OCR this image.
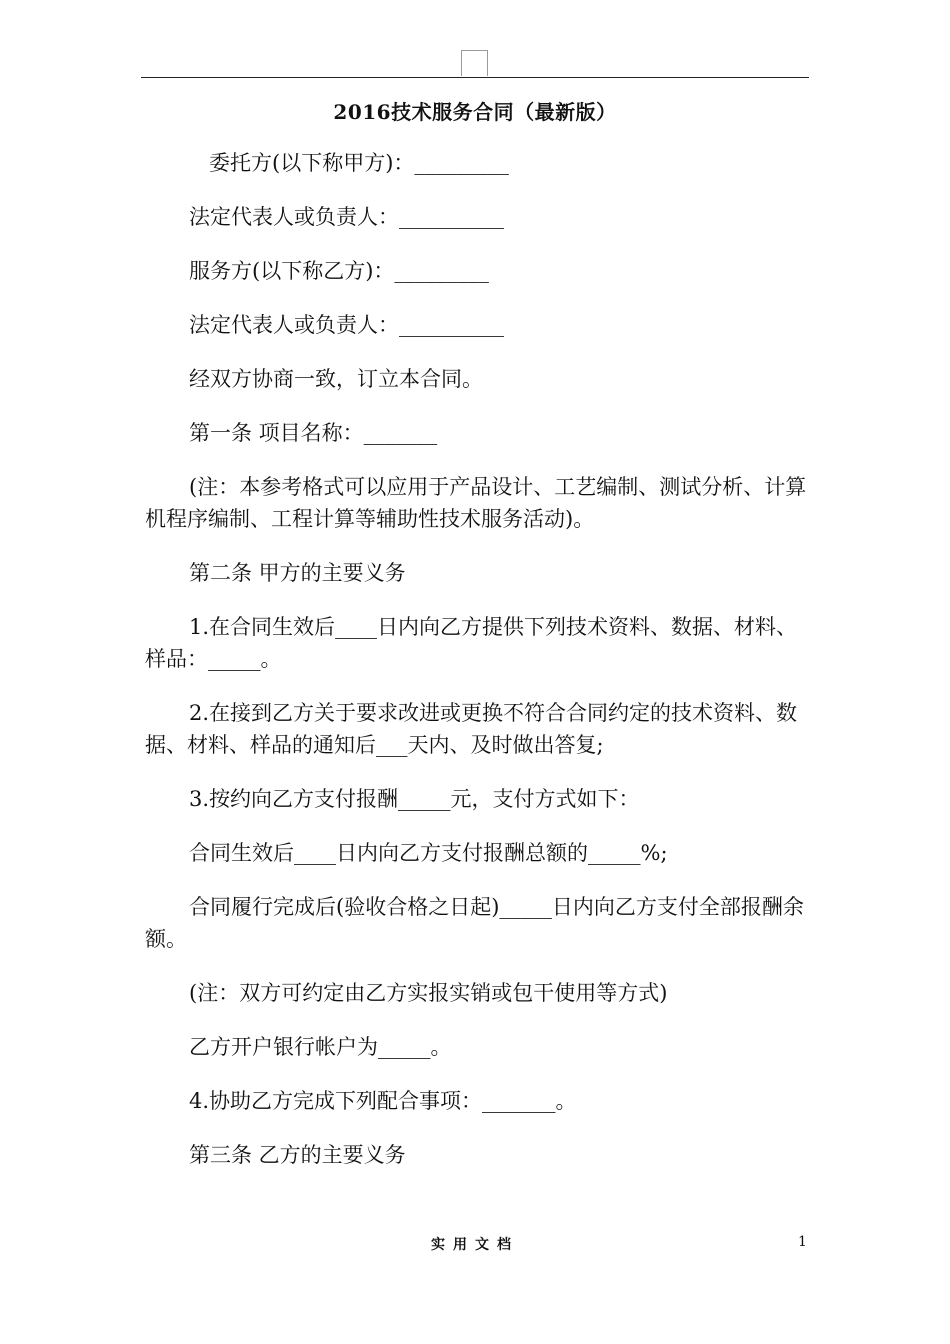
2016技术服务合同（最新版）

委托方(以下称甲方)：_________

法定代表人或负责人：__________

服务方(以下称乙方)：_________

法定代表人或负责人：__________

经双方协商一致，订立本合同。

第一条 项目名称：_______

(注：本参考格式可以应用于产品设计、工艺编制、测试分析、计算机程序编制、工程计算等辅助性技术服务活动)。

第二条 甲方的主要义务

1.在合同生效后____日内向乙方提供下列技术资料、数据、材料、样品：_____。

2.在接到乙方关于要求改进或更换不符合合同约定的技术资料、数据、材料、样品的通知后___天内、及时做出答复;

3.按约向乙方支付报酬_____元，支付方式如下：

合同生效后____日内向乙方支付报酬总额的_____%;

合同履行完成后(验收合格之日起)_____日内向乙方支付全部报酬余额。

(注：双方可约定由乙方实报实销或包干使用等方式)

乙方开户银行帐户为_____。

4.协助乙方完成下列配合事项：_______。

第三条 乙方的主要义务

实用文档	1
